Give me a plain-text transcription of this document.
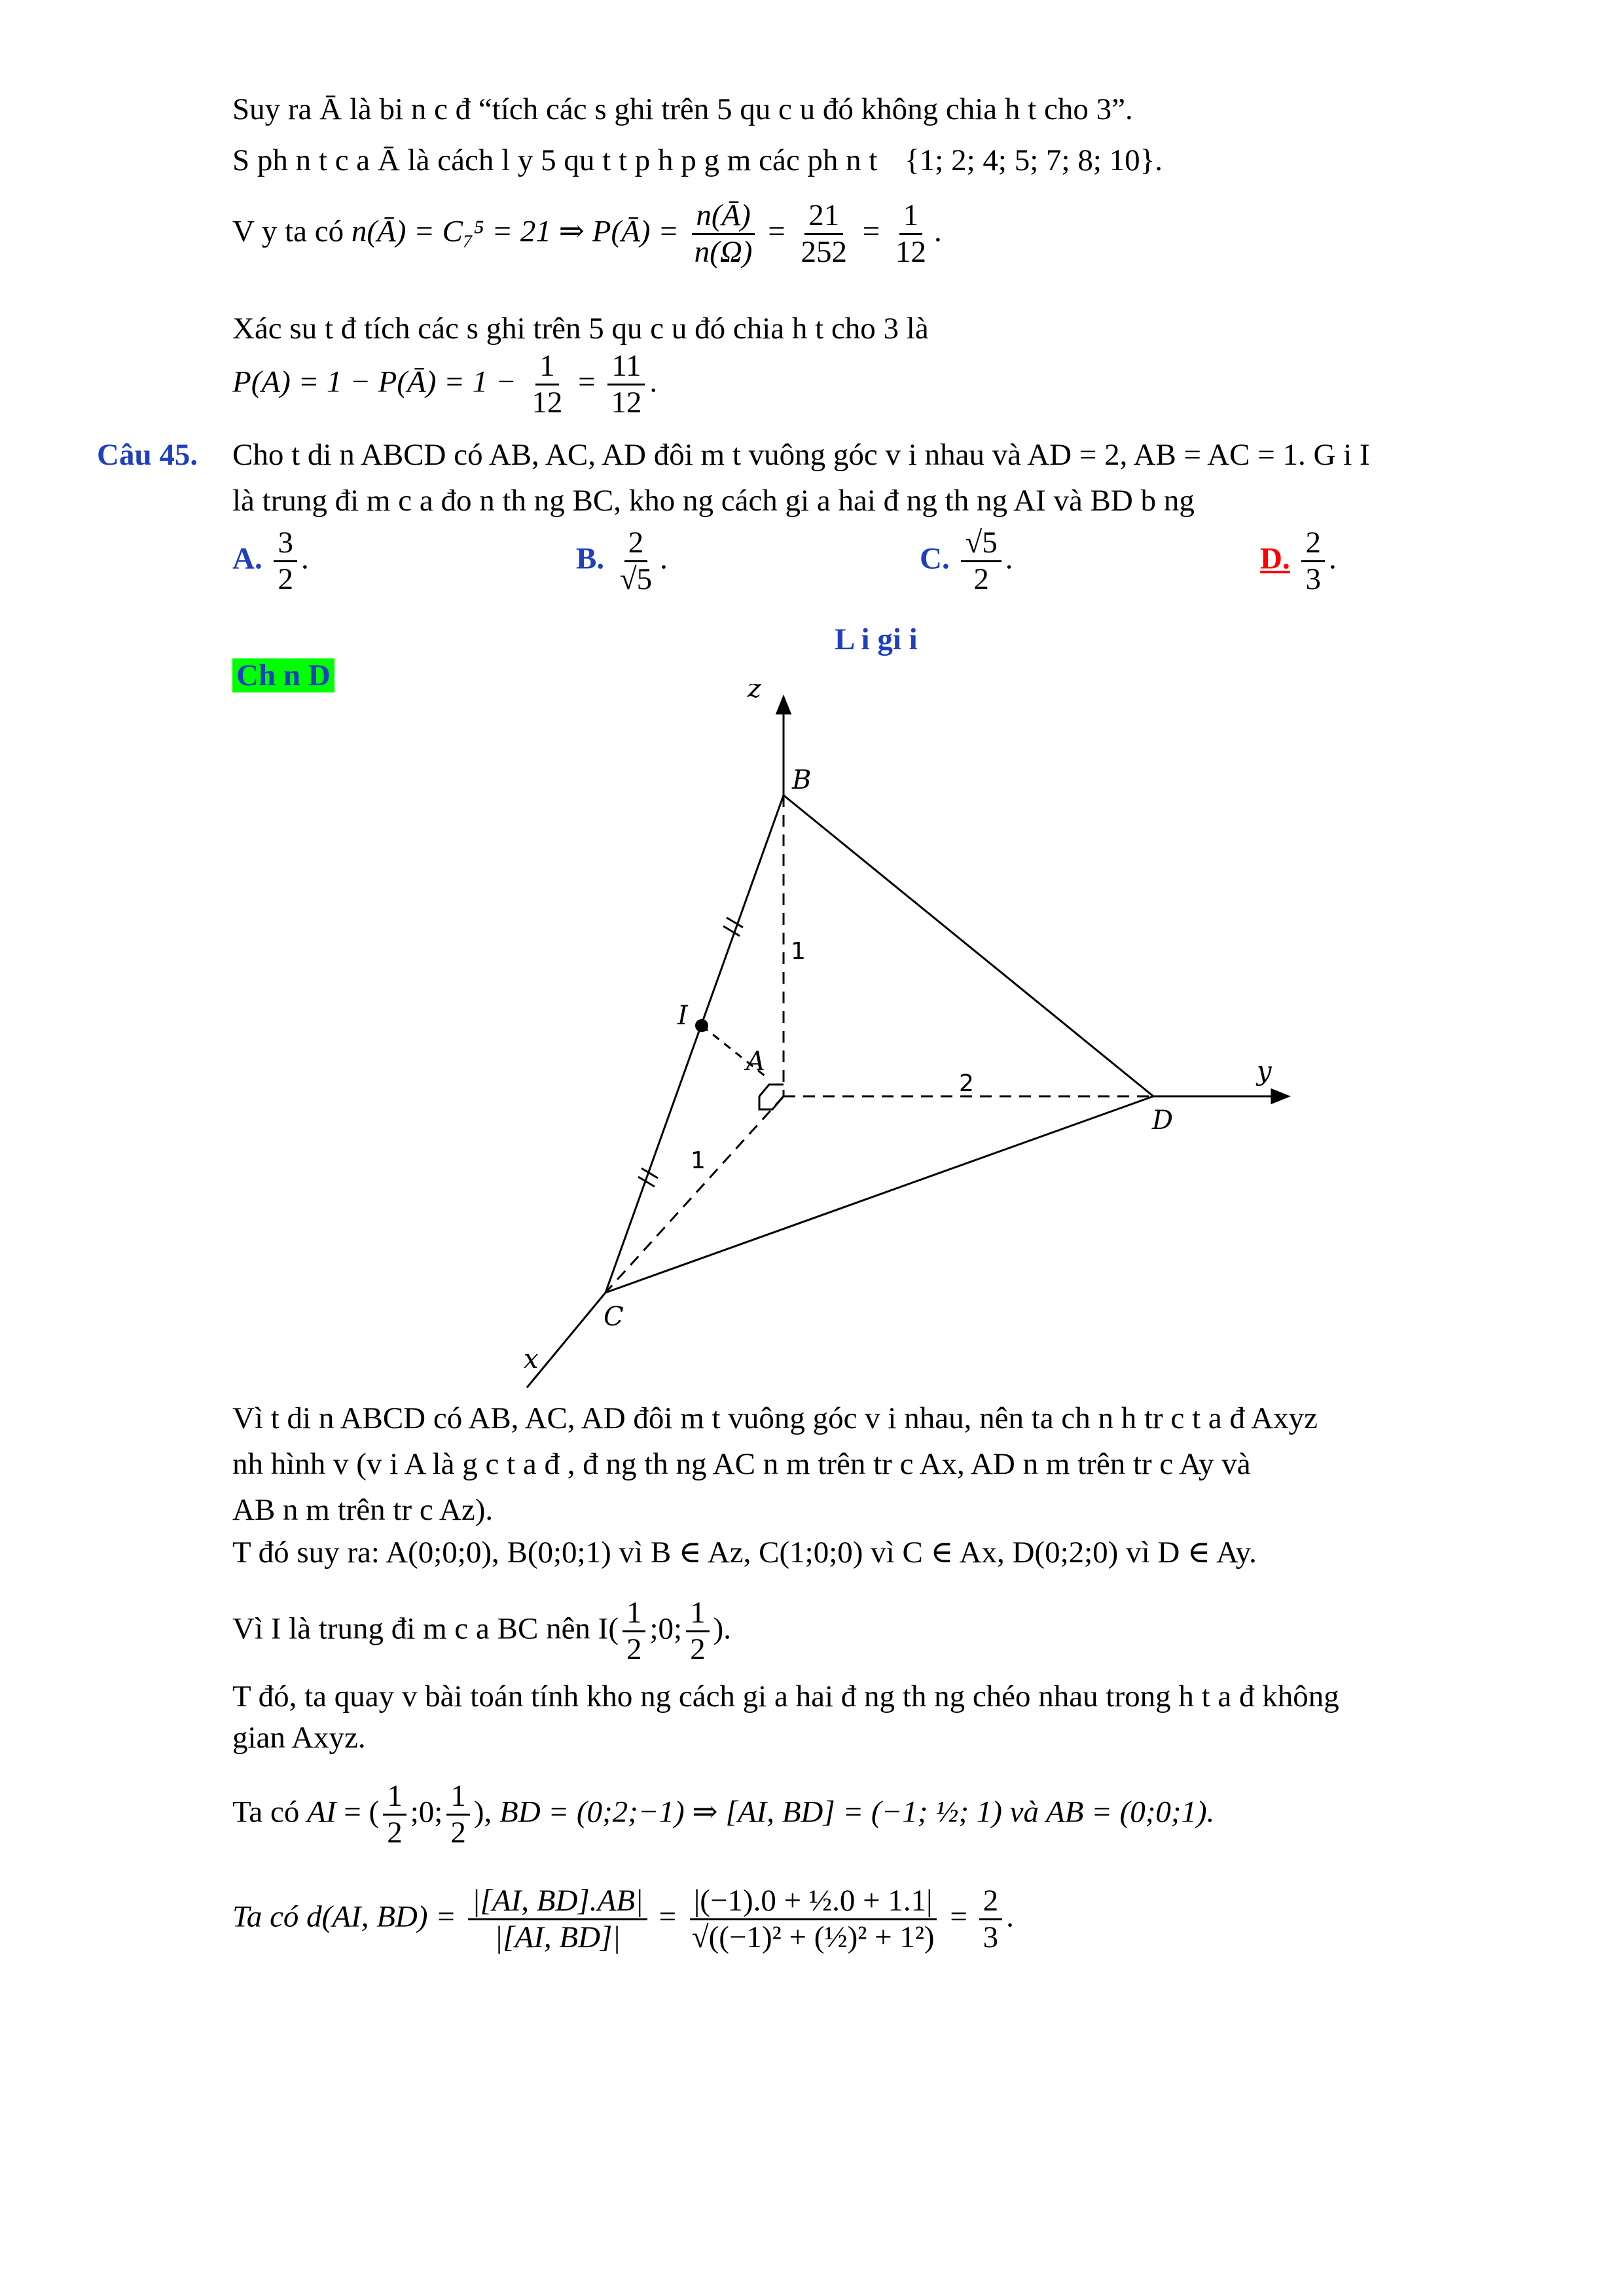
Suy ra Ā là bi n c đ “tích các s ghi trên 5 qu c u đó không chia h t cho 3”.
S ph n t c a Ā là cách l y 5 qu t t p h p g m các ph n t {1; 2; 4; 5; 7; 8; 10}.
V y ta có n(Ā) = C₇⁵ = 21 ⇒ P(Ā) = $\frac{n(Ā)}{n(\Omega)} = \frac{21}{252} = \frac{1}{12}$ .
Xác su t đ tích các s ghi trên 5 qu c u đó chia h t cho 3 là
P(A) = 1 − P(Ā) = $1 - \frac{1}{12} = \frac{11}{12}$ .
Câu 45. Cho t di n ABCD có AB, AC, AD đôi m t vuông góc v i nhau và AD = 2, AB = AC = 1. G i I
là trung đi m c a đo n th ng BC, kho ng cách gi a hai đ ng th ng AI và BD b ng
A. $\frac{3}{2}$ .	B. $\frac{2}{√5}$ .	C. $\frac{√5}{2}$ .	D. $\frac{2}{3}$ .
L i gi i
Ch n D	z
y
x
B
A
C
D
I
1
2
1
Vì t di n ABCD có AB, AC, AD đôi m t vuông góc v i nhau, nên ta ch n h tr c t a đ Axyz
nh hình v (v i A là g c t a đ , đ ng th ng AC n m trên tr c Ax, AD n m trên tr c Ay và
AB n m trên tr c Az).
T đó suy ra: A(0;0;0), B(0;0;1) vì B ∈ Az, C(1;0;0) vì C ∈ Ax, D(0;2;0) vì D ∈ Ay.
Vì I là trung đi m c a BC nên $I( \frac{1}{2}$ ;0; $\frac{1}{2}$ ).
T đó, ta quay v bài toán tính kho ng cách gi a hai đ ng th ng chéo nhau trong h t a đ không
gian Axyz.
Ta có AI = ( $\frac{1}{2}$ ;0; $\frac{1}{2}$ ), BD = (0;2;−1) ⇒ [AI, BD] = (−1; ½; 1) và AB = (0;0;1).
Ta có d(AI, $BD) = \frac{|[AI, BD].AB|}{|[AI, BD]|} = \frac{\text{|(−1).0 + ½.0 + 1.1|}}{\text{√((−1)² + (½)² + 1²)}} = \frac{2}{3}$ .
